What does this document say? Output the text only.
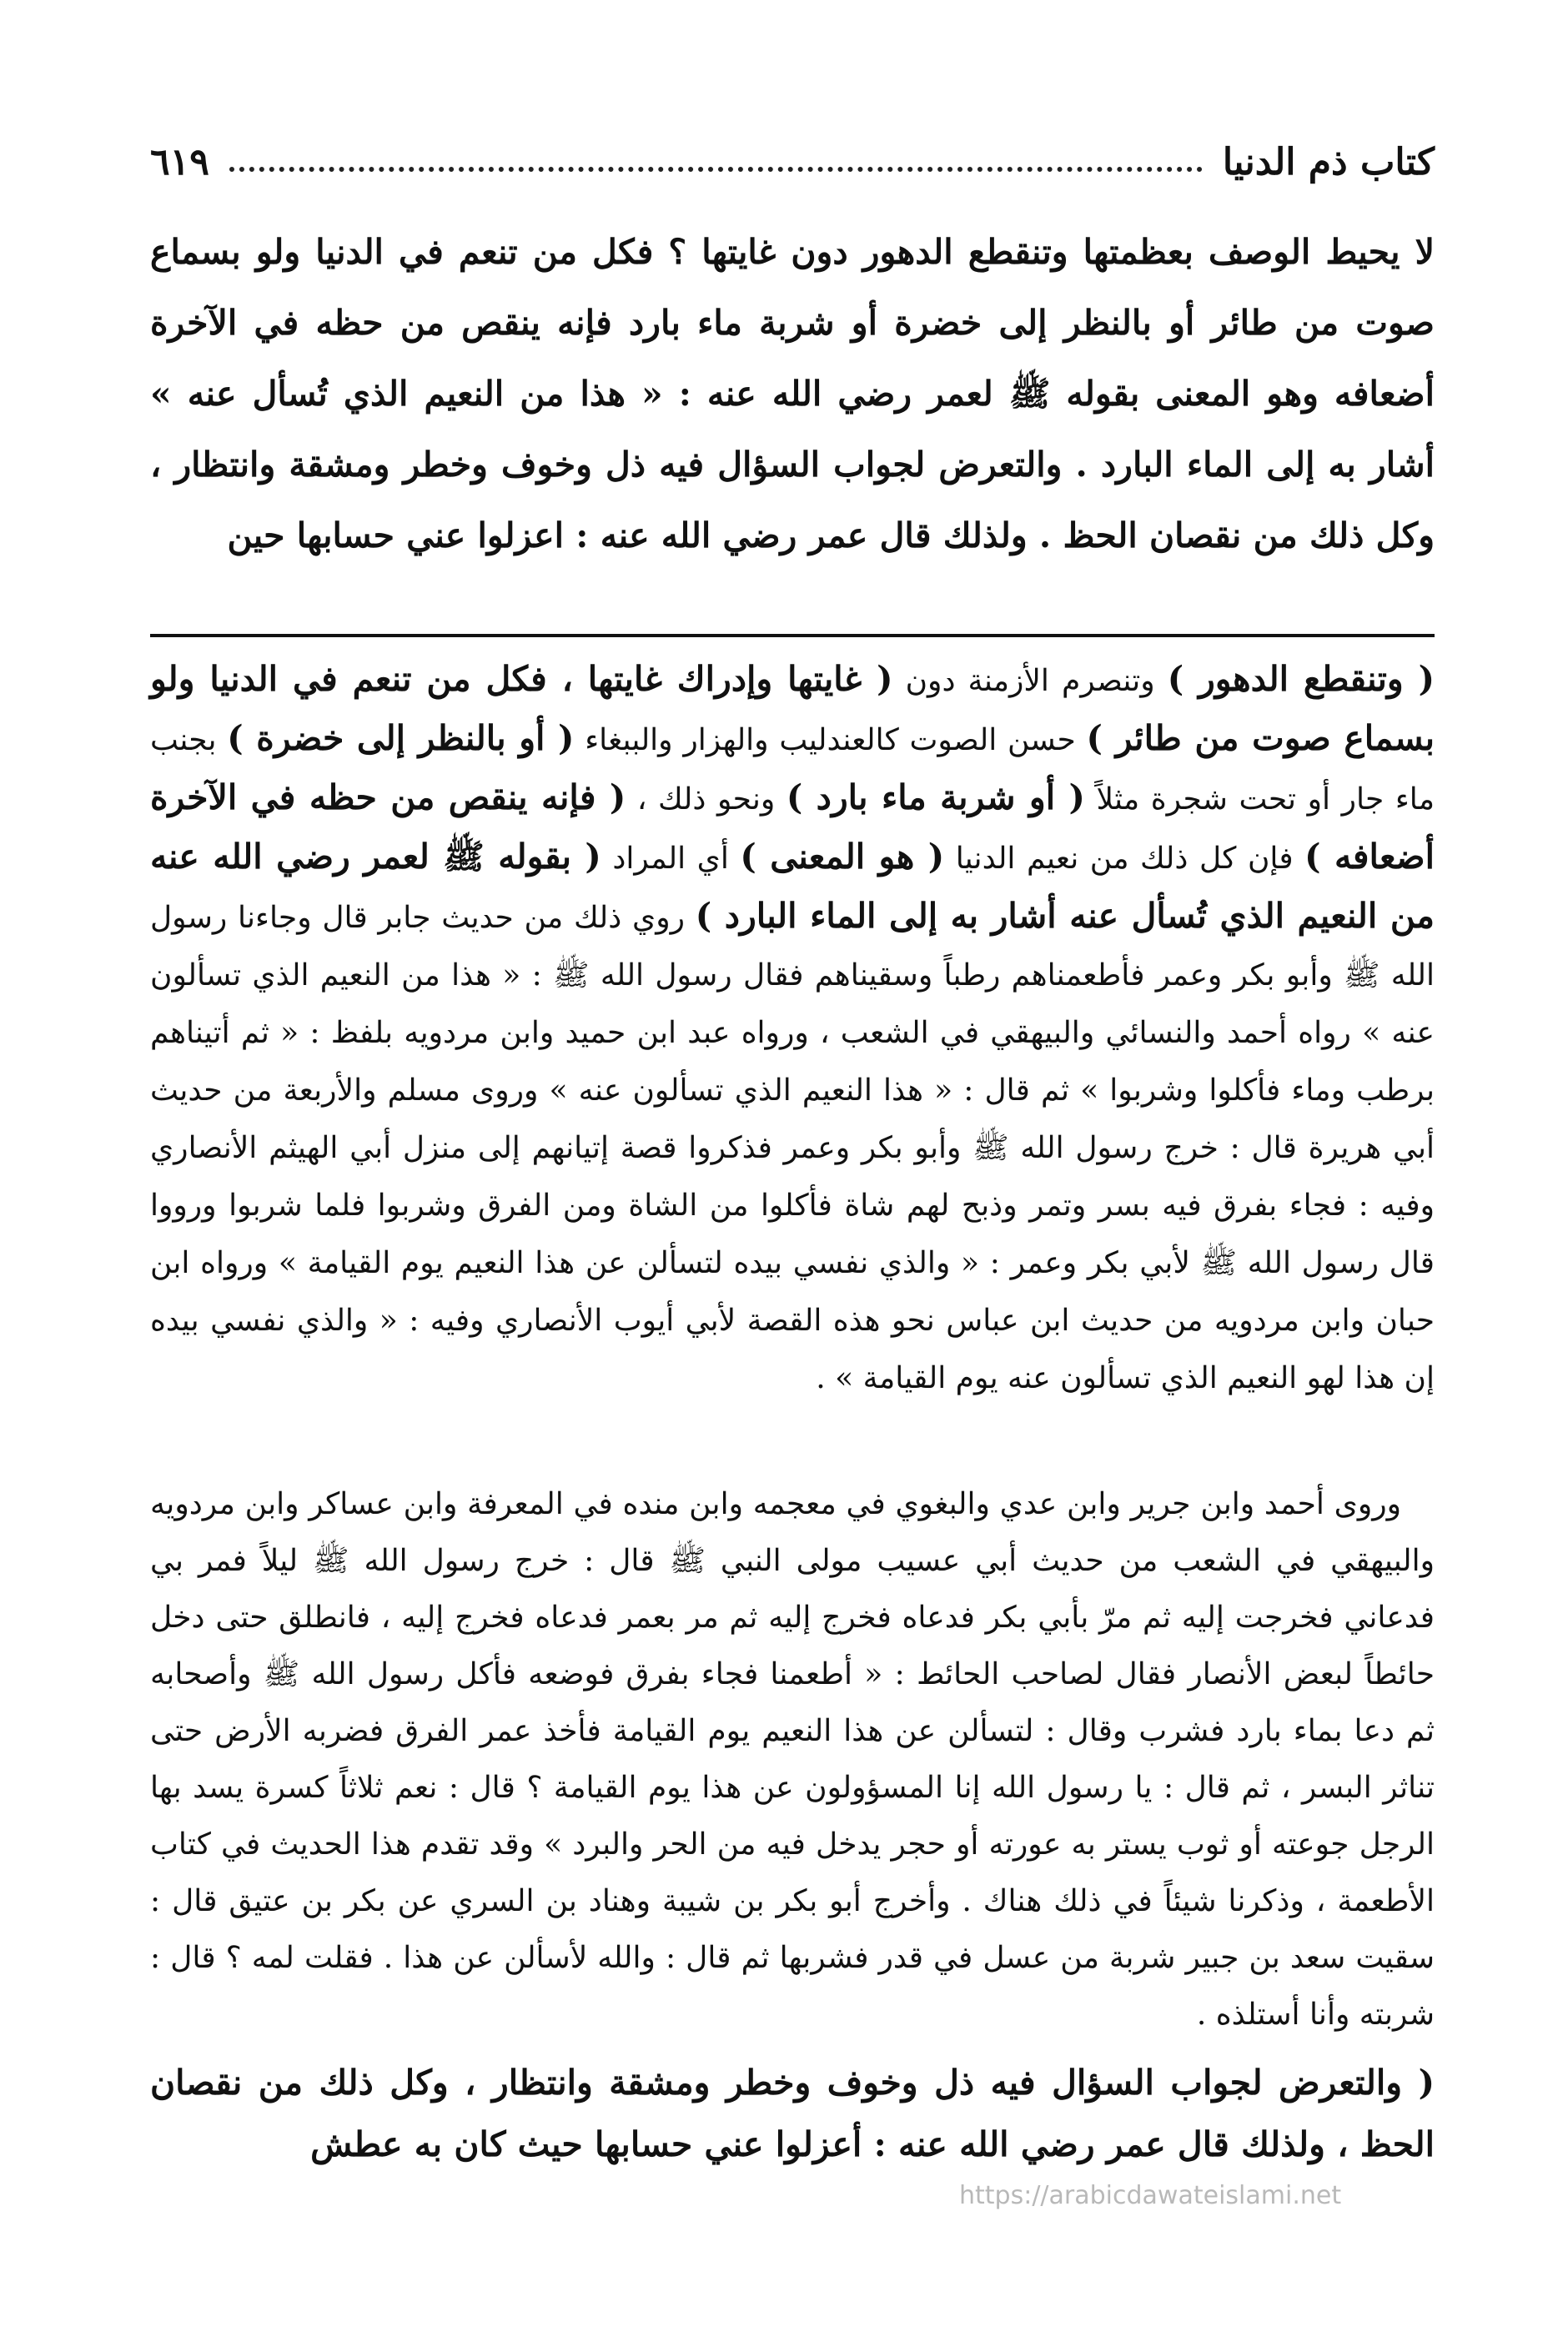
كتاب ذم الدنيا
٦١٩
لا يحيط الوصف بعظمتها وتنقطع الدهور دون غايتها ؟ فكل من تنعم في الدنيا ولو بسماع صوت من طائر أو بالنظر إلى خضرة أو شربة ماء بارد فإنه ينقص من حظه في الآخرة أضعافه وهو المعنى بقوله ﷺ لعمر رضي الله عنه : « هذا من النعيم الذي تُسأل عنه » أشار به إلى الماء البارد . والتعرض لجواب السؤال فيه ذل وخوف وخطر ومشقة وانتظار ، وكل ذلك من نقصان الحظ . ولذلك قال عمر رضي الله عنه : اعزلوا عني حسابها حين
( وتنقطع الدهور ) وتنصرم الأزمنة دون ( غايتها وإدراك غايتها ، فكل من تنعم في الدنيا ولو بسماع صوت من طائر ) حسن الصوت كالعندليب والهزار والببغاء ( أو بالنظر إلى خضرة ) بجنب ماء جار أو تحت شجرة مثلاً ( أو شربة ماء بارد ) ونحو ذلك ، ( فإنه ينقص من حظه في الآخرة أضعافه ) فإن كل ذلك من نعيم الدنيا ( هو المعنى ) أي المراد ( بقوله ﷺ لعمر رضي الله عنه من النعيم الذي تُسأل عنه أشار به إلى الماء البارد ) روي ذلك من حديث جابر قال وجاءنا رسول الله ﷺ وأبو بكر وعمر فأطعمناهم رطباً وسقيناهم فقال رسول الله ﷺ : « هذا من النعيم الذي تسألون عنه » رواه أحمد والنسائي والبيهقي في الشعب ، ورواه عبد ابن حميد وابن مردويه بلفظ : « ثم أتيناهم برطب وماء فأكلوا وشربوا » ثم قال : « هذا النعيم الذي تسألون عنه » وروى مسلم والأربعة من حديث أبي هريرة قال : خرج رسول الله ﷺ وأبو بكر وعمر فذكروا قصة إتيانهم إلى منزل أبي الهيثم الأنصاري وفيه : فجاء بفرق فيه بسر وتمر وذبح لهم شاة فأكلوا من الشاة ومن الفرق وشربوا فلما شربوا ورووا قال رسول الله ﷺ لأبي بكر وعمر : « والذي نفسي بيده لتسألن عن هذا النعيم يوم القيامة » ورواه ابن حبان وابن مردويه من حديث ابن عباس نحو هذه القصة لأبي أيوب الأنصاري وفيه : « والذي نفسي بيده إن هذا لهو النعيم الذي تسألون عنه يوم القيامة » .
وروى أحمد وابن جرير وابن عدي والبغوي في معجمه وابن منده في المعرفة وابن عساكر وابن مردويه والبيهقي في الشعب من حديث أبي عسيب مولى النبي ﷺ قال : خرج رسول الله ﷺ ليلاً فمر بي فدعاني فخرجت إليه ثم مرّ بأبي بكر فدعاه فخرج إليه ثم مر بعمر فدعاه فخرج إليه ، فانطلق حتى دخل حائطاً لبعض الأنصار فقال لصاحب الحائط : « أطعمنا فجاء بفرق فوضعه فأكل رسول الله ﷺ وأصحابه ثم دعا بماء بارد فشرب وقال : لتسألن عن هذا النعيم يوم القيامة فأخذ عمر الفرق فضربه الأرض حتى تناثر البسر ، ثم قال : يا رسول الله إنا المسؤولون عن هذا يوم القيامة ؟ قال : نعم ثلاثاً كسرة يسد بها الرجل جوعته أو ثوب يستر به عورته أو حجر يدخل فيه من الحر والبرد » وقد تقدم هذا الحديث في كتاب الأطعمة ، وذكرنا شيئاً في ذلك هناك . وأخرج أبو بكر بن شيبة وهناد بن السري عن بكر بن عتيق قال : سقيت سعد بن جبير شربة من عسل في قدر فشربها ثم قال : والله لأسألن عن هذا . فقلت لمه ؟ قال : شربته وأنا أستلذه .
( والتعرض لجواب السؤال فيه ذل وخوف وخطر ومشقة وانتظار ، وكل ذلك من نقصان الحظ ، ولذلك قال عمر رضي الله عنه : أعزلوا عني حسابها حيث كان به عطش
https://arabicdawateislami.net
